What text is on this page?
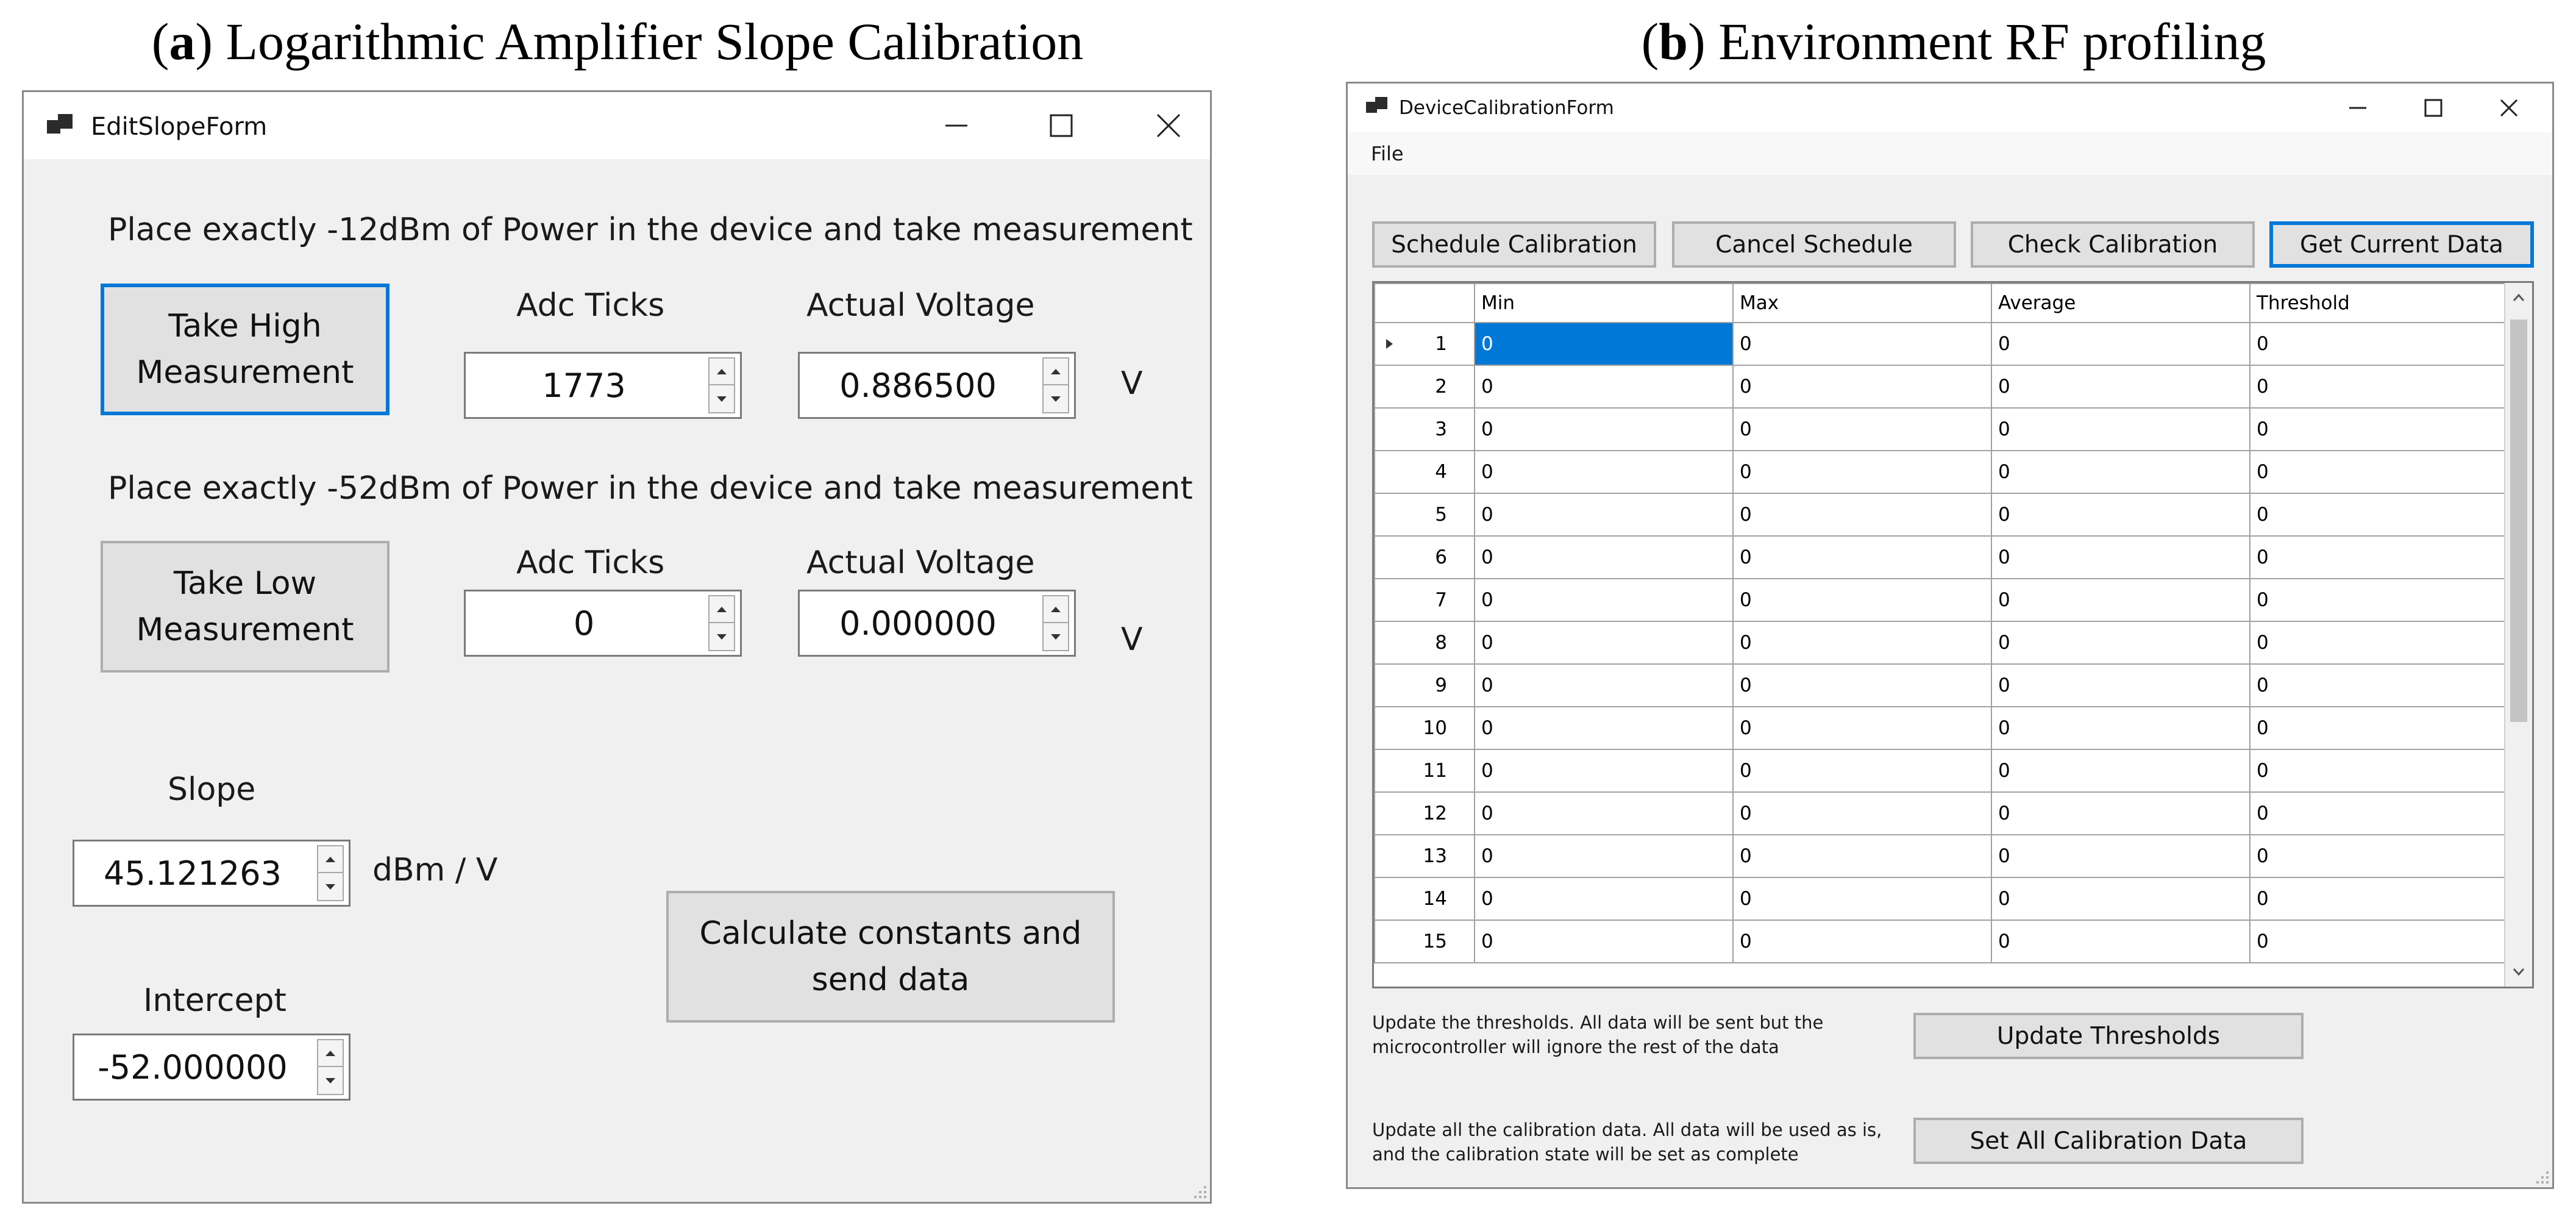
(a) Logarithmic Amplifier Slope Calibration	(b) Environment RF profiling
EditSlopeForm
Place exactly -12dBm of Power in the device and take measurement
Take High Measurement
Adc Ticks	Actual Voltage
1773	0.886500	V
Place exactly -52dBm of Power in the device and take measurement
Take Low Measurement
Adc Ticks	Actual Voltage
0	0.000000	V
Slope
45.121263	dBm / V
Calculate constants and send data
Intercept
-52.000000
DeviceCalibrationForm
File
Schedule Calibration	Cancel Schedule	Check Calibration	Get Current Data
	Min	Max	Average	Threshold

1	0	0	0	0
2	0	0	0	0
3	0	0	0	0
4	0	0	0	0
5	0	0	0	0
6	0	0	0	0
7	0	0	0	0
8	0	0	0	0
9	0	0	0	0
10	0	0	0	0
11	0	0	0	0
12	0	0	0	0
13	0	0	0	0
14	0	0	0	0
15	0	0	0	0
Update the thresholds. All data will be sent but the
microcontroller will ignore the rest of the data	Update Thresholds
Update all the calibration data. All data will be used as is,
and the calibration state will be set as complete	Set All Calibration Data
